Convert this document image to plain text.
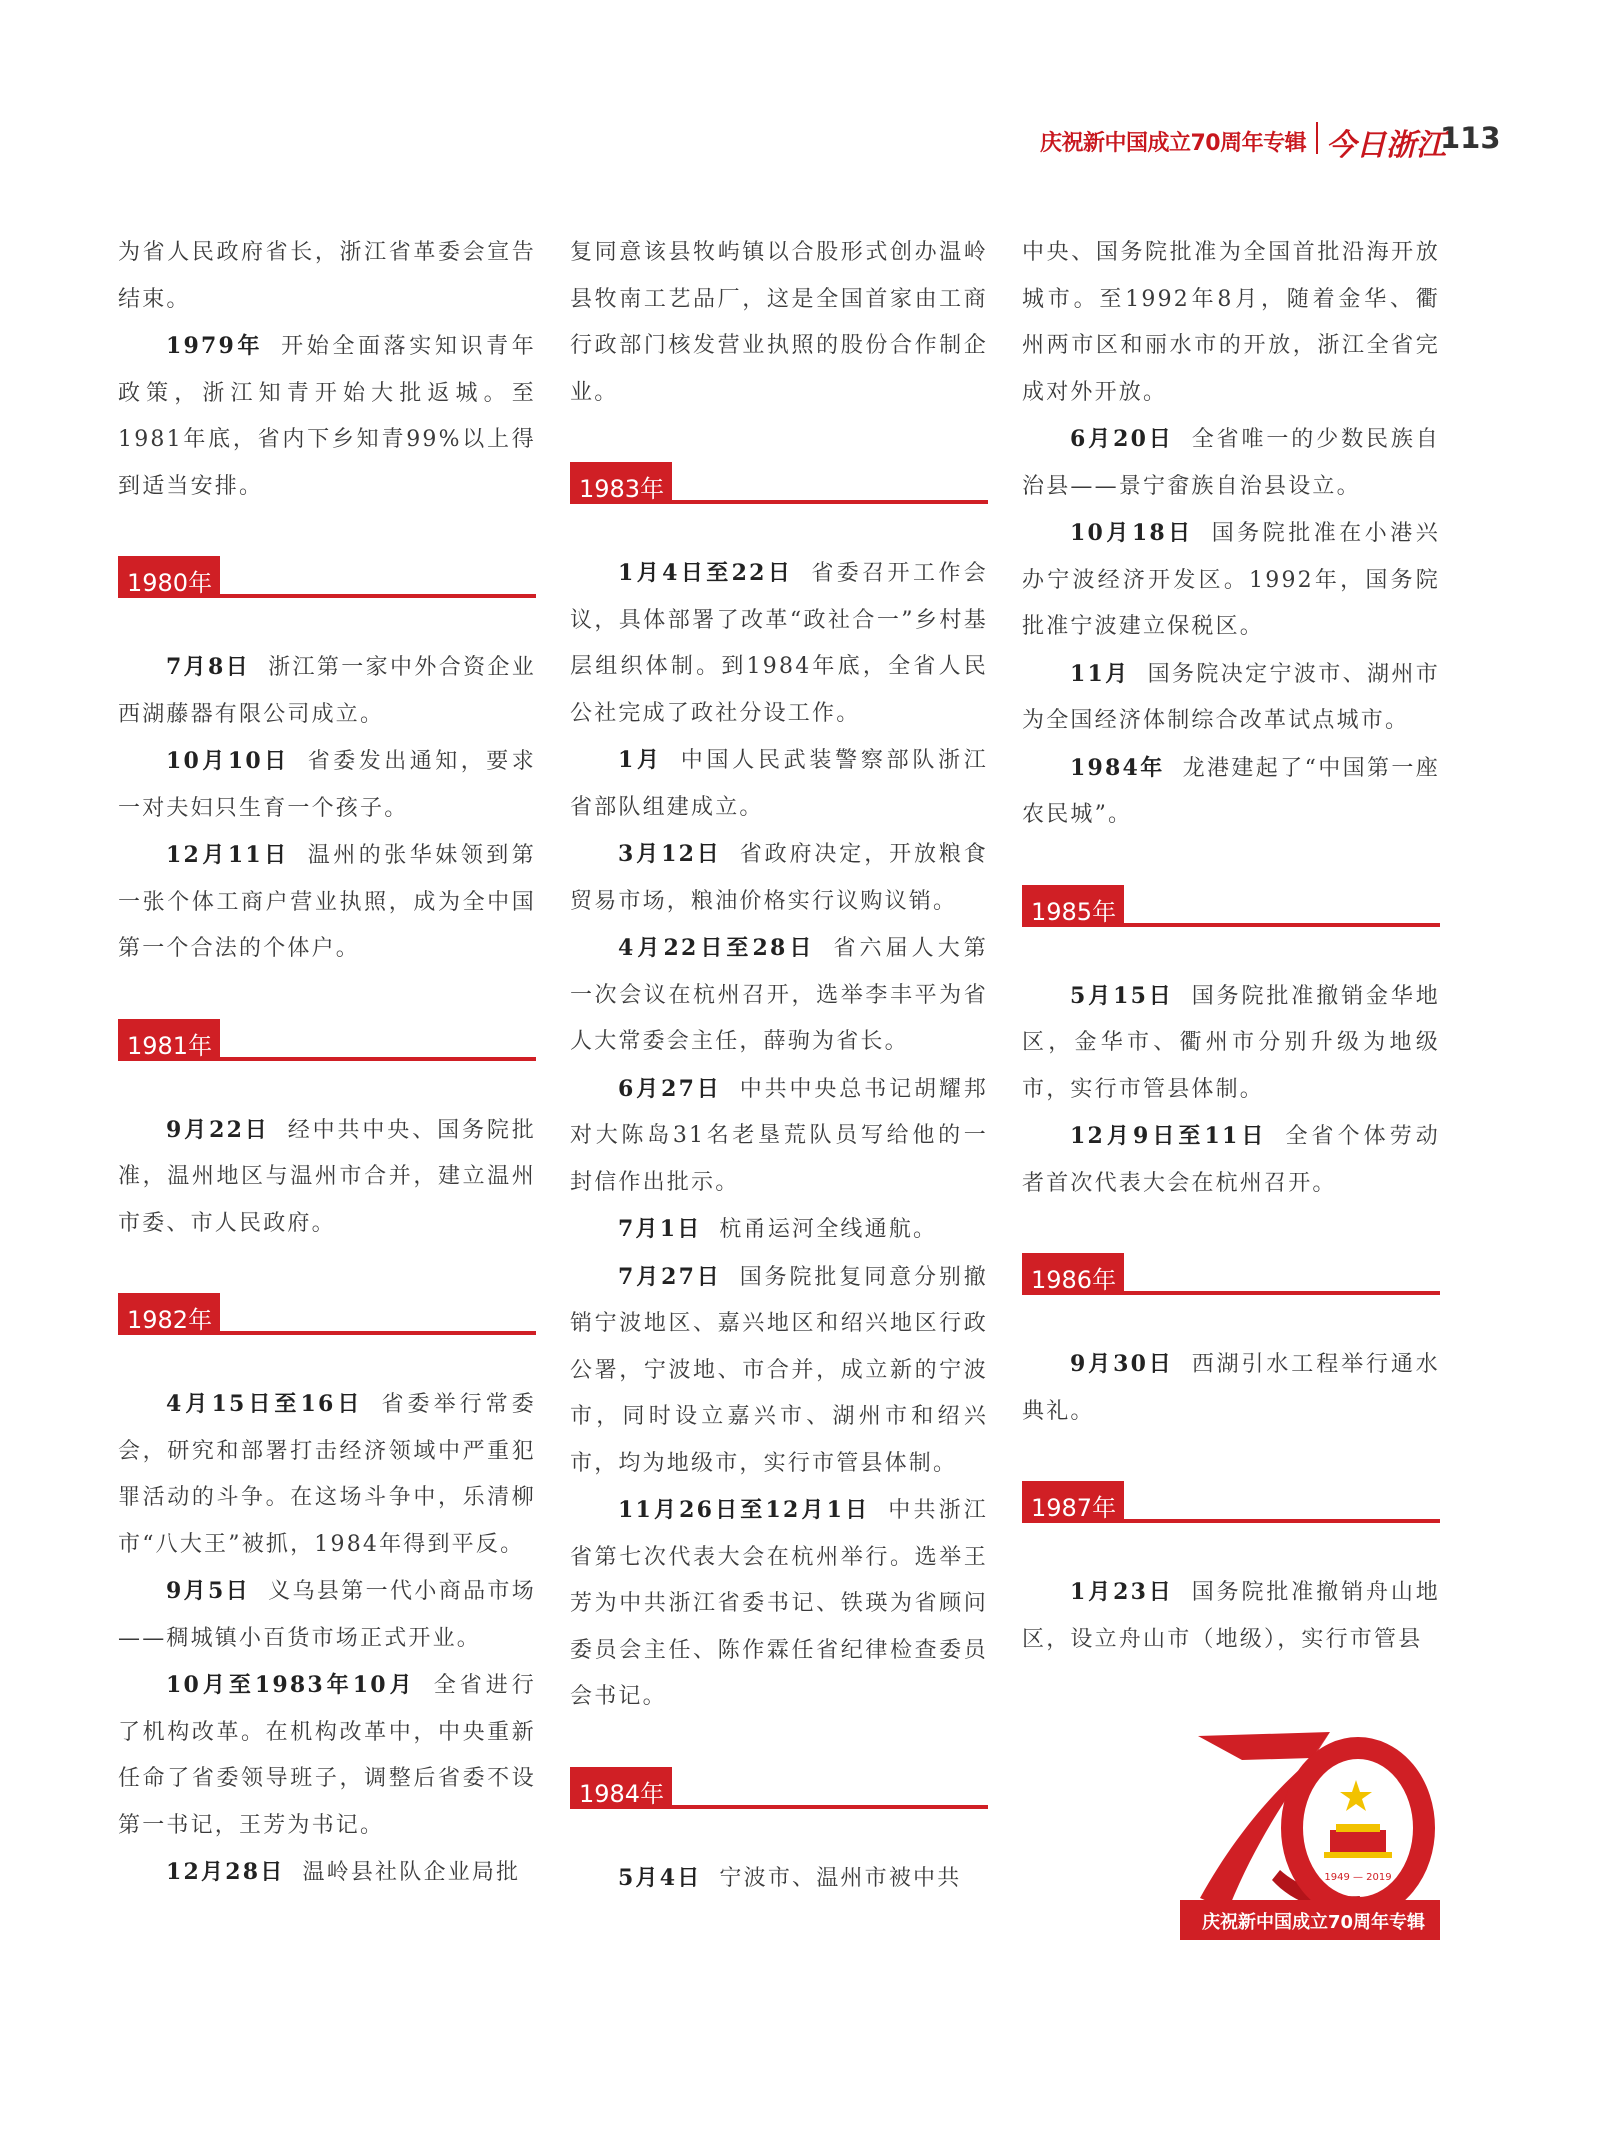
庆祝新中国成立70周年专辑 今日浙江
113

为省人民政府省长，浙江省革委会宣告结束。

1979年 开始全面落实知识青年政策，浙江知青开始大批返城。至1981年底，省内下乡知青99%以上得到适当安排。

1980年

7月8日 浙江第一家中外合资企业西湖藤器有限公司成立。

10月10日 省委发出通知，要求一对夫妇只生育一个孩子。

12月11日 温州的张华妹领到第一张个体工商户营业执照，成为全中国第一个合法的个体户。

1981年

9月22日 经中共中央、国务院批准，温州地区与温州市合并，建立温州市委、市人民政府。

1982年

4月15日至16日 省委举行常委会，研究和部署打击经济领域中严重犯罪活动的斗争。在这场斗争中，乐清柳市“八大王”被抓，1984年得到平反。

9月5日 义乌县第一代小商品市场——稠城镇小百货市场正式开业。

10月至1983年10月 全省进行了机构改革。在机构改革中，中央重新任命了省委领导班子，调整后省委不设第一书记，王芳为书记。

12月28日 温岭县社队企业局批

复同意该县牧屿镇以合股形式创办温岭县牧南工艺品厂，这是全国首家由工商行政部门核发营业执照的股份合作制企业。

1983年

1月4日至22日 省委召开工作会议，具体部署了改革“政社合一”乡村基层组织体制。到1984年底，全省人民公社完成了政社分设工作。

1月 中国人民武装警察部队浙江省部队组建成立。

3月12日 省政府决定，开放粮食贸易市场，粮油价格实行议购议销。

4月22日至28日 省六届人大第一次会议在杭州召开，选举李丰平为省人大常委会主任，薛驹为省长。

6月27日 中共中央总书记胡耀邦对大陈岛31名老垦荒队员写给他的一封信作出批示。

7月1日 杭甬运河全线通航。

7月27日 国务院批复同意分别撤销宁波地区、嘉兴地区和绍兴地区行政公署，宁波地、市合并，成立新的宁波市，同时设立嘉兴市、湖州市和绍兴市，均为地级市，实行市管县体制。

11月26日至12月1日 中共浙江省第七次代表大会在杭州举行。选举王芳为中共浙江省委书记、铁瑛为省顾问委员会主任、陈作霖任省纪律检查委员会书记。

1984年

5月4日 宁波市、温州市被中共

中央、国务院批准为全国首批沿海开放城市。至1992年8月，随着金华、衢州两市区和丽水市的开放，浙江全省完成对外开放。

6月20日 全省唯一的少数民族自治县——景宁畲族自治县设立。

10月18日 国务院批准在小港兴办宁波经济开发区。1992年，国务院批准宁波建立保税区。

11月 国务院决定宁波市、湖州市为全国经济体制综合改革试点城市。

1984年 龙港建起了“中国第一座农民城”。

1985年

5月15日 国务院批准撤销金华地区，金华市、衢州市分别升级为地级市，实行市管县体制。

12月9日至11日 全省个体劳动者首次代表大会在杭州召开。

1986年

9月30日 西湖引水工程举行通水典礼。

1987年

1月23日 国务院批准撤销舟山地区，设立舟山市（地级），实行市管县

1949 — 2019
庆祝新中国成立70周年专辑
